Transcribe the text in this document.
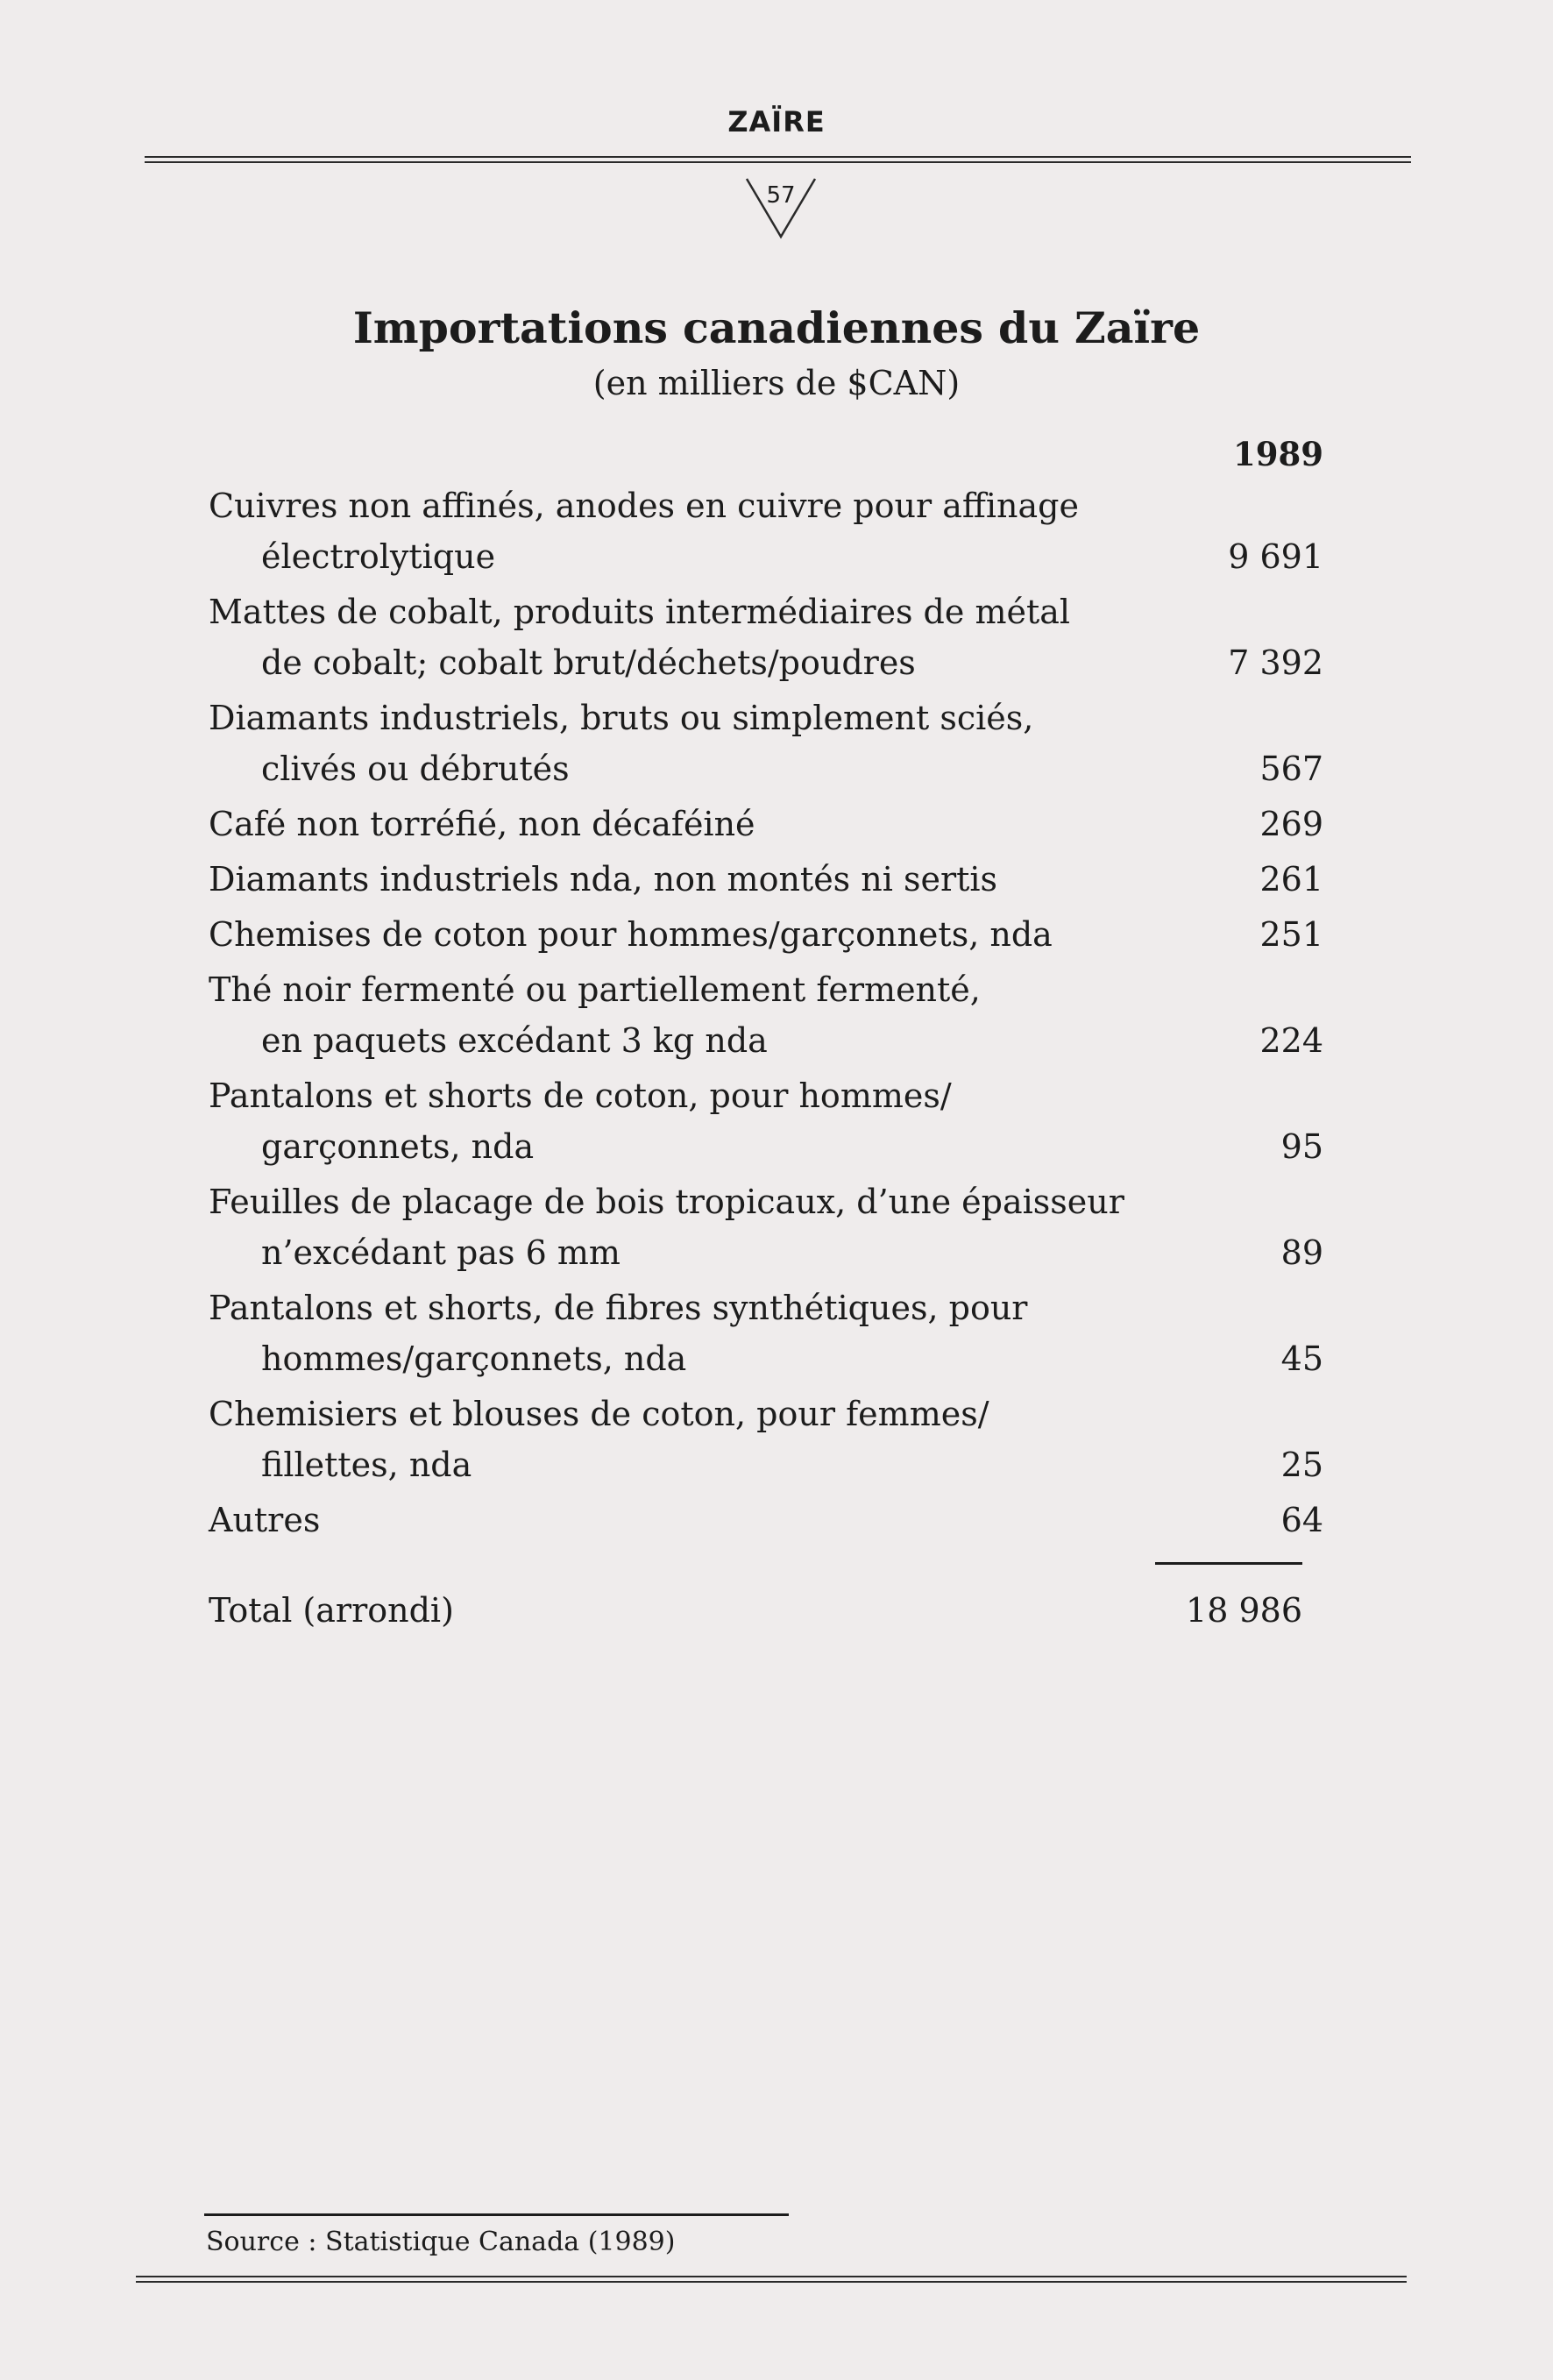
ZAÏRE
57
Importations canadiennes du Zaïre
(en milliers de $CAN)
1989
Cuivres non affinés, anodes en cuivre pour affinage
électrolytique	9 691
Mattes de cobalt, produits intermédiaires de métal
de cobalt; cobalt brut/déchets/poudres	7 392
Diamants industriels, bruts ou simplement sciés,
clivés ou débrutés	567
Café non torréfié, non décaféiné	269
Diamants industriels nda, non montés ni sertis	261
Chemises de coton pour hommes/garçonnets, nda	251
Thé noir fermenté ou partiellement fermenté,
en paquets excédant 3 kg nda	224
Pantalons et shorts de coton, pour hommes/
garçonnets, nda	95
Feuilles de placage de bois tropicaux, d’une épaisseur
n’excédant pas 6 mm	89
Pantalons et shorts, de fibres synthétiques, pour
hommes/garçonnets, nda	45
Chemisiers et blouses de coton, pour femmes/
fillettes, nda	25
Autres	64
Total (arrondi)	18 986
Source : Statistique Canada (1989)
